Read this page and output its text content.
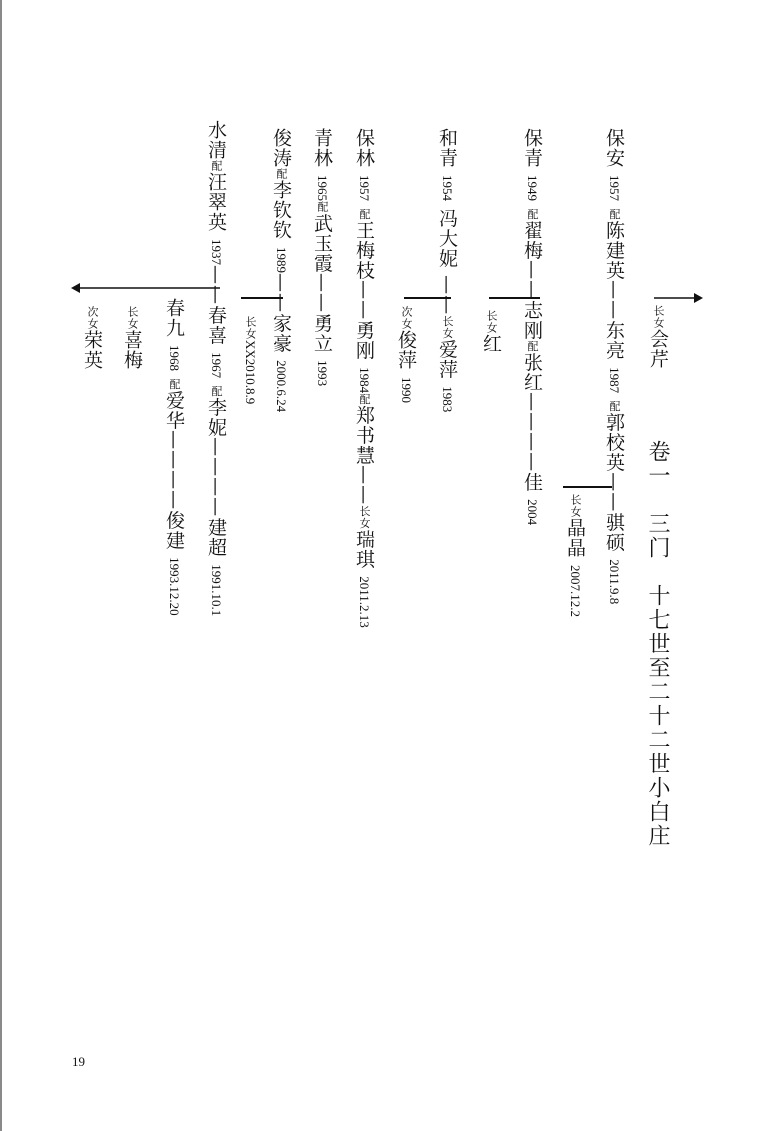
卷一　三门　十七世至二十二世小白庄
长女会芹
保安 1957 配陈建英——东亮 1987 配郭校英——骐硕 2011.9.8
长女晶晶 2007.12.2
保青 1949 配翟梅——志刚配张红————佳 2004
长女红
和青 1954 冯大妮 ——长女爱萍 1983
次女俊萍 1990
保林 1957 配王梅枝——勇刚 1984配郑书慧——长女瑞琪 2011.2.13
青林 1965配武玉霞——勇立 1993
俊涛配李钦钦 1989——家豪 2000.6.24
长女XX2010.8.9
水清配汪翠英 1937——春喜 1967 配李妮————建超 1991.10.1
春九 1968 配爱华————俊建 1993.12.20
长女喜梅
次女荣英
19
